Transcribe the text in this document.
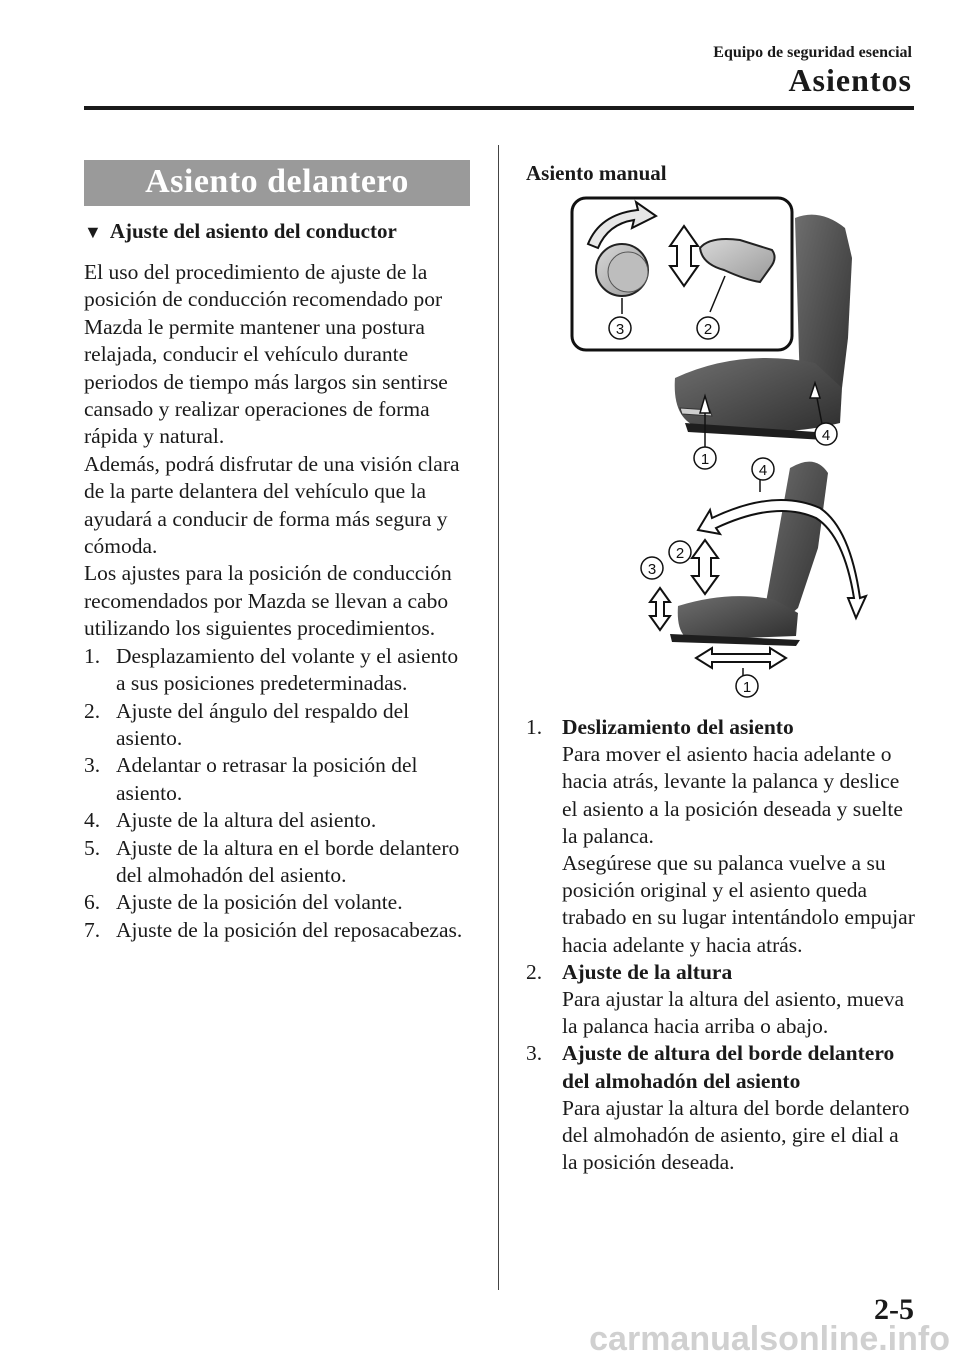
Equipo de seguridad esencial
Asientos
Asiento delantero
▼ Ajuste del asiento del conductor
El uso del procedimiento de ajuste de la posición de conducción recomendado por Mazda le permite mantener una postura relajada, conducir el vehículo durante periodos de tiempo más largos sin sentirse cansado y realizar operaciones de forma rápida y natural.
Además, podrá disfrutar de una visión clara de la parte delantera del vehículo que la ayudará a conducir de forma más segura y cómoda.
Los ajustes para la posición de conducción recomendados por Mazda se llevan a cabo utilizando los siguientes procedimientos.
1. Desplazamiento del volante y el asiento a sus posiciones predeterminadas.
2. Ajuste del ángulo del respaldo del asiento.
3. Adelantar o retrasar la posición del asiento.
4. Ajuste de la altura del asiento.
5. Ajuste de la altura en el borde delantero del almohadón del asiento.
6. Ajuste de la posición del volante.
7. Ajuste de la posición del reposacabezas.
Asiento manual
3	2
1
4
4
2
3
1
1. Deslizamiento del asiento
Para mover el asiento hacia adelante o hacia atrás, levante la palanca y deslice el asiento a la posición deseada y suelte la palanca.
Asegúrese que su palanca vuelve a su posición original y el asiento queda trabado en su lugar intentándolo empujar hacia adelante y hacia atrás.
2. Ajuste de la altura
Para ajustar la altura del asiento, mueva la palanca hacia arriba o abajo.
3. Ajuste de altura del borde delantero del almohadón del asiento
Para ajustar la altura del borde delantero del almohadón de asiento, gire el dial a la posición deseada.
2-5
carmanualsonline.info
